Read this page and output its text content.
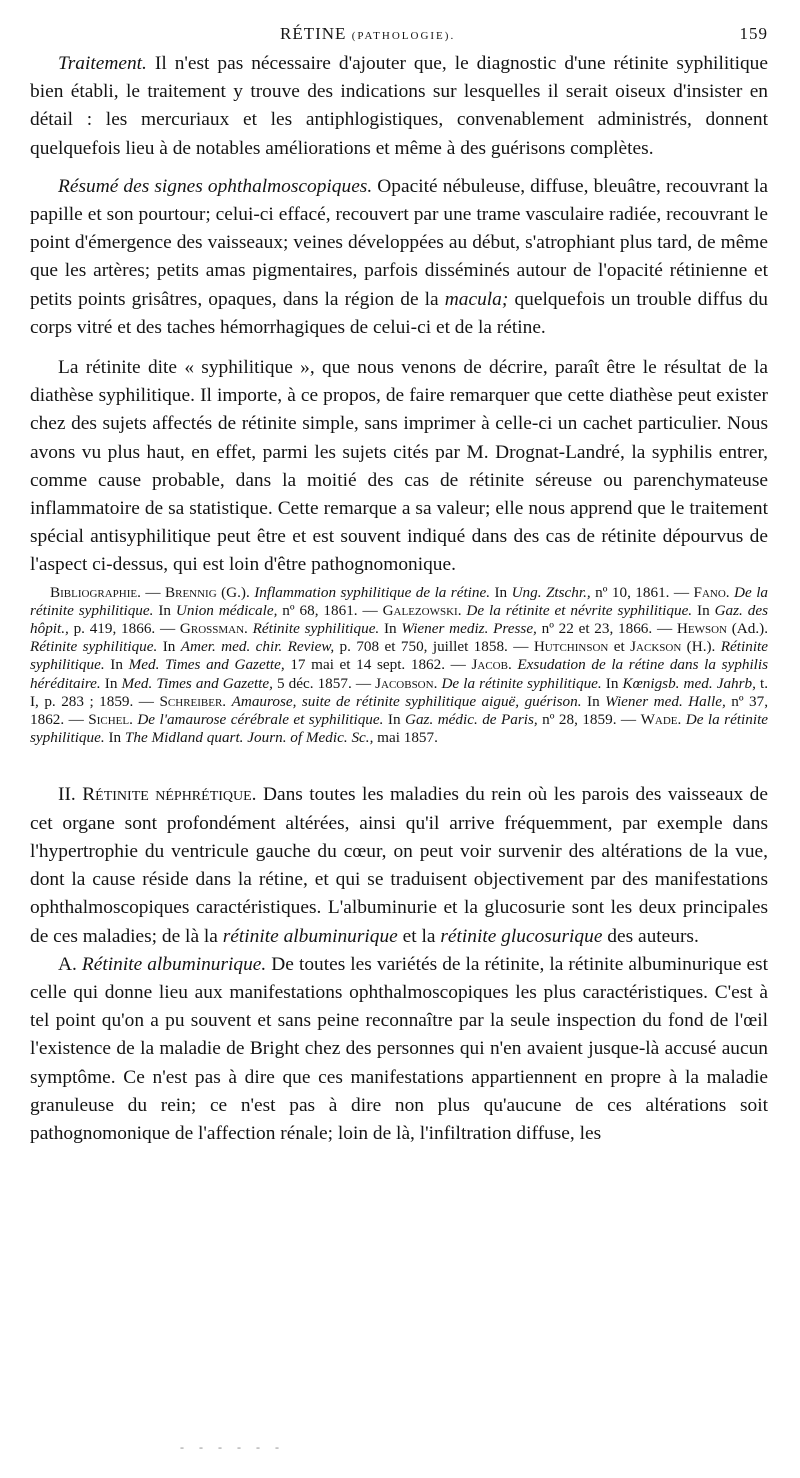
RÉTINE (PATHOLOGIE).	159

Traitement. Il n'est pas nécessaire d'ajouter que, le diagnostic d'une rétinite syphilitique bien établi, le traitement y trouve des indications sur lesquelles il serait oiseux d'insister en détail : les mercuriaux et les antiphlogistiques, convenablement administrés, donnent quelquefois lieu à de notables améliorations et même à des guérisons complètes.

Résumé des signes ophthalmoscopiques. Opacité nébuleuse, diffuse, bleuâtre, recouvrant la papille et son pourtour; celui-ci effacé, recouvert par une trame vasculaire radiée, recouvrant le point d'émergence des vaisseaux; veines développées au début, s'atrophiant plus tard, de même que les artères; petits amas pigmentaires, parfois disséminés autour de l'opacité rétinienne et petits points grisâtres, opaques, dans la région de la macula; quelquefois un trouble diffus du corps vitré et des taches hémorrhagiques de celui-ci et de la rétine.

La rétinite dite « syphilitique », que nous venons de décrire, paraît être le résultat de la diathèse syphilitique. Il importe, à ce propos, de faire remarquer que cette diathèse peut exister chez des sujets affectés de rétinite simple, sans imprimer à celle-ci un cachet particulier. Nous avons vu plus haut, en effet, parmi les sujets cités par M. Drognat-Landré, la syphilis entrer, comme cause probable, dans la moitié des cas de rétinite séreuse ou parenchymateuse inflammatoire de sa statistique. Cette remarque a sa valeur; elle nous apprend que le traitement spécial antisyphilitique peut être et est souvent indiqué dans des cas de rétinite dépourvus de l'aspect ci-dessus, qui est loin d'être pathognomonique.

Bibliographie. — Brennig (G.). Inflammation syphilitique de la rétine. In Ung. Ztschr., nº 10, 1861. — Fano. De la rétinite syphilitique. In Union médicale, nº 68, 1861. — Galezowski. De la rétinite et névrite syphilitique. In Gaz. des hôpit., p. 419, 1866. — Grossman. Rétinite syphilitique. In Wiener mediz. Presse, nº 22 et 23, 1866. — Hewson (Ad.). Rétinite syphilitique. In Amer. med. chir. Review, p. 708 et 750, juillet 1858. — Hutchinson et Jackson (H.). Rétinite syphilitique. In Med. Times and Gazette, 17 mai et 14 sept. 1862. — Jacob. Exsudation de la rétine dans la syphilis héréditaire. In Med. Times and Gazette, 5 déc. 1857. — Jacobson. De la rétinite syphilitique. In Kœnigsb. med. Jahrb, t. I, p. 283 ; 1859. — Schreiber. Amaurose, suite de rétinite syphilitique aiguë, guérison. In Wiener med. Halle, nº 37, 1862. — Sichel. De l'amaurose cérébrale et syphilitique. In Gaz. médic. de Paris, nº 28, 1859. — Wade. De la rétinite syphilitique. In The Midland quart. Journ. of Medic. Sc., mai 1857.

II. Rétinite néphrétique. Dans toutes les maladies du rein où les parois des vaisseaux de cet organe sont profondément altérées, ainsi qu'il arrive fréquemment, par exemple dans l'hypertrophie du ventricule gauche du cœur, on peut voir survenir des altérations de la vue, dont la cause réside dans la rétine, et qui se traduisent objectivement par des manifestations ophthalmoscopiques caractéristiques. L'albuminurie et la glucosurie sont les deux principales de ces maladies; de là la rétinite albuminurique et la rétinite glucosurique des auteurs.

A. Rétinite albuminurique. De toutes les variétés de la rétinite, la rétinite albuminurique est celle qui donne lieu aux manifestations ophthalmoscopiques les plus caractéristiques. C'est à tel point qu'on a pu souvent et sans peine reconnaître par la seule inspection du fond de l'œil l'existence de la maladie de Bright chez des personnes qui n'en avaient jusque-là accusé aucun symptôme. Ce n'est pas à dire que ces manifestations appartiennent en propre à la maladie granuleuse du rein; ce n'est pas à dire non plus qu'aucune de ces altérations soit pathognomonique de l'affection rénale; loin de là, l'infiltration diffuse, les

- - - - - -
